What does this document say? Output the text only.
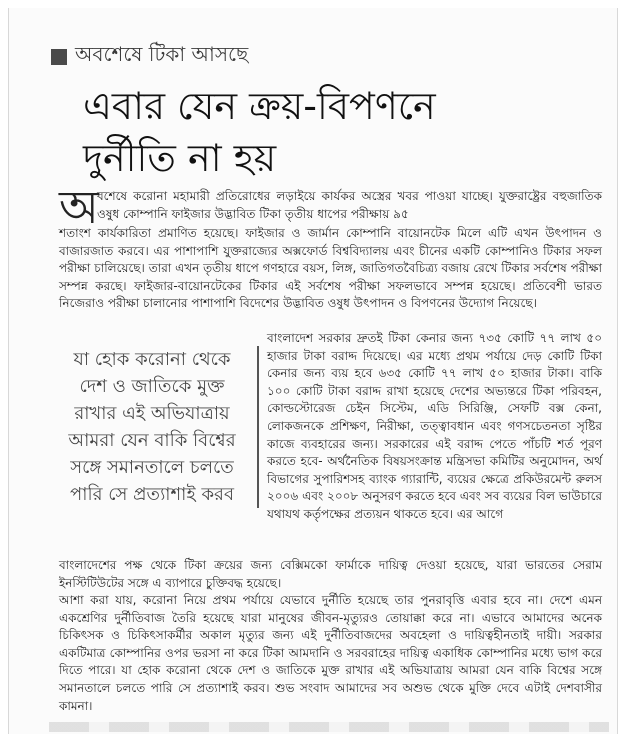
অবশেষে টিকা আসছে
এবার যেন ক্রয়-বিপণনে
দুর্নীতি না হয়
অ

বশেষে করোনা মহামারী প্রতিরোধের লড়াইয়ে কার্যকর অস্ত্রের খবর পাওয়া যাচ্ছে। যুক্তরাষ্ট্রের বহুজাতিক ওষুধ কোম্পানি ফাইজার উদ্ভাবিত টিকা তৃতীয় ধাপের পরীক্ষায় ৯৫

শতাংশ কার্যকারিতা প্রমাণিত হয়েছে। ফাইজার ও জার্মান কোম্পানি বায়োনটেক মিলে এটি এখন উৎপাদন ও বাজারজাত করবে। এর পাশাপাশি যুক্তরাজ্যের অক্সফোর্ড বিশ্ববিদ্যালয় এবং চীনের একটি কোম্পানিও টিকার সফল পরীক্ষা চালিয়েছে। তারা এখন তৃতীয় ধাপে গণহারে বয়স, লিঙ্গ, জাতিগতবৈচিত্র্য বজায় রেখে টিকার সর্বশেষ পরীক্ষা সম্পন্ন করছে। ফাইজার-বায়োনটেকের টিকার এই সর্বশেষ পরীক্ষা সফলভাবে সম্পন্ন হয়েছে। প্রতিবেশী ভারত নিজেরাও পরীক্ষা চালানোর পাশাপাশি বিদেশের উদ্ভাবিত ওষুধ উৎপাদন ও বিপণনের উদ্যোগ নিয়েছে।

যা হোক করোনা থেকে দেশ ও জাতিকে মুক্ত রাখার এই অভিযাত্রায় আমরা যেন বাকি বিশ্বের সঙ্গে সমানতালে চলতে পারি সে প্রত্যাশাই করব

বাংলাদেশ সরকার দ্রুতই টিকা কেনার জন্য ৭৩৫ কোটি ৭৭ লাখ ৫০ হাজার টাকা বরাদ্দ দিয়েছে। এর মধ্যে প্রথম পর্যায়ে দেড় কোটি টিকা কেনার জন্য ব্যয় হবে ৬৩৫ কোটি ৭৭ লাখ ৫০ হাজার টাকা। বাকি ১০০ কোটি টাকা বরাদ্দ রাখা হয়েছে দেশের অভ্যন্তরে টিকা পরিবহন, কোল্ডস্টোরেজ চেইন সিস্টেম, এডি সিরিঞ্জি, সেফটি বক্স কেনা, লোকজনকে প্রশিক্ষণ, নিরীক্ষা, তত্ত্বাবধান এবং গণসচেতনতা সৃষ্টির কাজে ব্যবহারের জন্য। সরকারের এই বরাদ্দ পেতে পাঁচটি শর্ত পূরণ করতে হবে- অর্থনৈতিক বিষয়সংক্রান্ত মন্ত্রিসভা কমিটির অনুমোদন, অর্থ বিভাগের সুপারিশসহ ব্যাংক গ্যারান্টি, ব্যয়ের ক্ষেত্রে প্রকিউরমেন্ট রুলস ২০০৬ এবং ২০০৮ অনুসরণ করতে হবে এবং সব ব্যয়ের বিল ভাউচারে যথাযথ কর্তৃপক্ষের প্রত্যয়ন থাকতে হবে। এর আগে

বাংলাদেশের পক্ষ থেকে টিকা ক্রয়ের জন্য বেক্সিমকো ফার্মাকে দায়িত্ব দেওয়া হয়েছে, যারা ভারতের সেরাম ইনস্টিটিউটের সঙ্গে এ ব্যাপারে চুক্তিবদ্ধ হয়েছে।

আশা করা যায়, করোনা নিয়ে প্রথম পর্যায়ে যেভাবে দুর্নীতি হয়েছে তার পুনরাবৃত্তি এবার হবে না। দেশে এমন একশ্রেণির দুর্নীতিবাজ তৈরি হয়েছে যারা মানুষের জীবন-মৃত্যুরও তোয়াক্কা করে না। এভাবে আমাদের অনেক চিকিৎসক ও চিকিৎসাকর্মীর অকাল মৃত্যুর জন্য এই দুর্নীতিবাজদের অবহেলা ও দায়িত্বহীনতাই দায়ী। সরকার একটিমাত্র কোম্পানির ওপর ভরসা না করে টিকা আমদানি ও সরবরাহের দায়িত্ব একাধিক কোম্পানির মধ্যে ভাগ করে দিতে পারে। যা হোক করোনা থেকে দেশ ও জাতিকে মুক্ত রাখার এই অভিযাত্রায় আমরা যেন বাকি বিশ্বের সঙ্গে সমানতালে চলতে পারি সে প্রত্যাশাই করব। শুভ সংবাদ আমাদের সব অশুভ থেকে মুক্তি দেবে এটাই দেশবাসীর কামনা।
